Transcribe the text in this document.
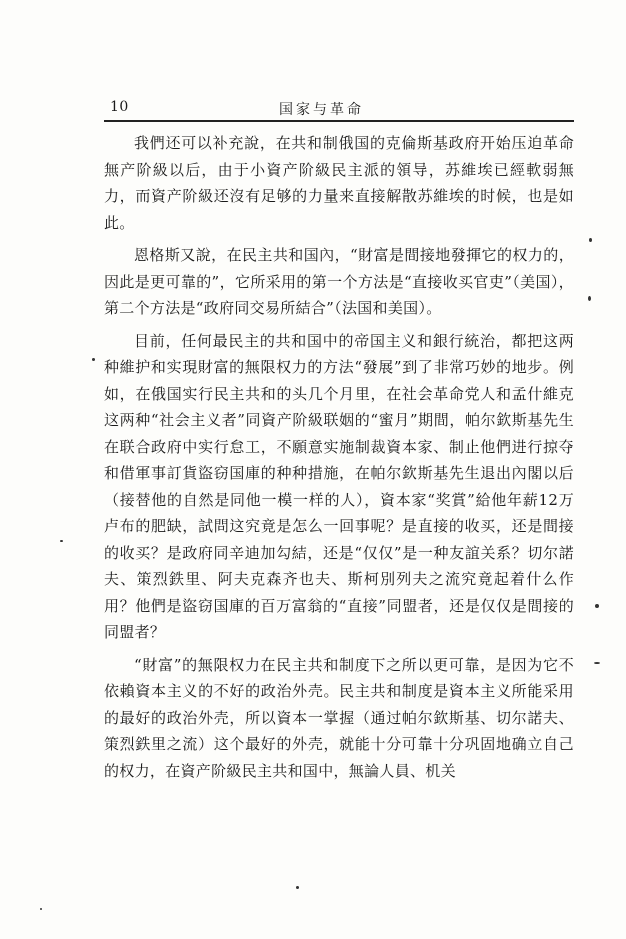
10	国家与革命

我們还可以补充說，在共和制俄国的克倫斯基政府开始压迫革命無产阶級以后，由于小資产阶級民主派的領导，苏維埃已經軟弱無力，而資产阶級还沒有足够的力量来直接解散苏維埃的时候，也是如此。

恩格斯又說，在民主共和国內，“財富是間接地發揮它的权力的，因此是更可靠的”，它所采用的第一个方法是“直接收买官吏”（美国），第二个方法是“政府同交易所結合”（法国和美国）。

目前，任何最民主的共和国中的帝国主义和銀行統治，都把这两种維护和实現財富的無限权力的方法“發展”到了非常巧妙的地步。例如，在俄国实行民主共和的头几个月里，在社会革命党人和孟什維克这两种“社会主义者”同資产阶級联姻的“蜜月”期間，帕尔欽斯基先生在联合政府中实行怠工，不願意实施制裁資本家、制止他們进行掠夺和借軍事訂貨盜窃国庫的种种措施，在帕尔欽斯基先生退出內閣以后（接替他的自然是同他一模一样的人），資本家“奖賞”給他年薪12万卢布的肥缺，試問这究竟是怎么一回事呢？是直接的收买，还是間接的收买？是政府同辛迪加勾結，还是“仅仅”是一种友誼关系？切尔諾夫、策烈鉄里、阿夫克森齐也夫、斯柯別列夫之流究竟起着什么作用？他們是盜窃国庫的百万富翁的“直接”同盟者，还是仅仅是間接的同盟者？

“財富”的無限权力在民主共和制度下之所以更可靠，是因为它不依賴資本主义的不好的政治外壳。民主共和制度是資本主义所能采用的最好的政治外壳，所以資本一掌握（通过帕尔欽斯基、切尔諾夫、策烈鉄里之流）这个最好的外壳，就能十分可靠十分巩固地确立自己的权力，在資产阶級民主共和国中，無論人員、机关
